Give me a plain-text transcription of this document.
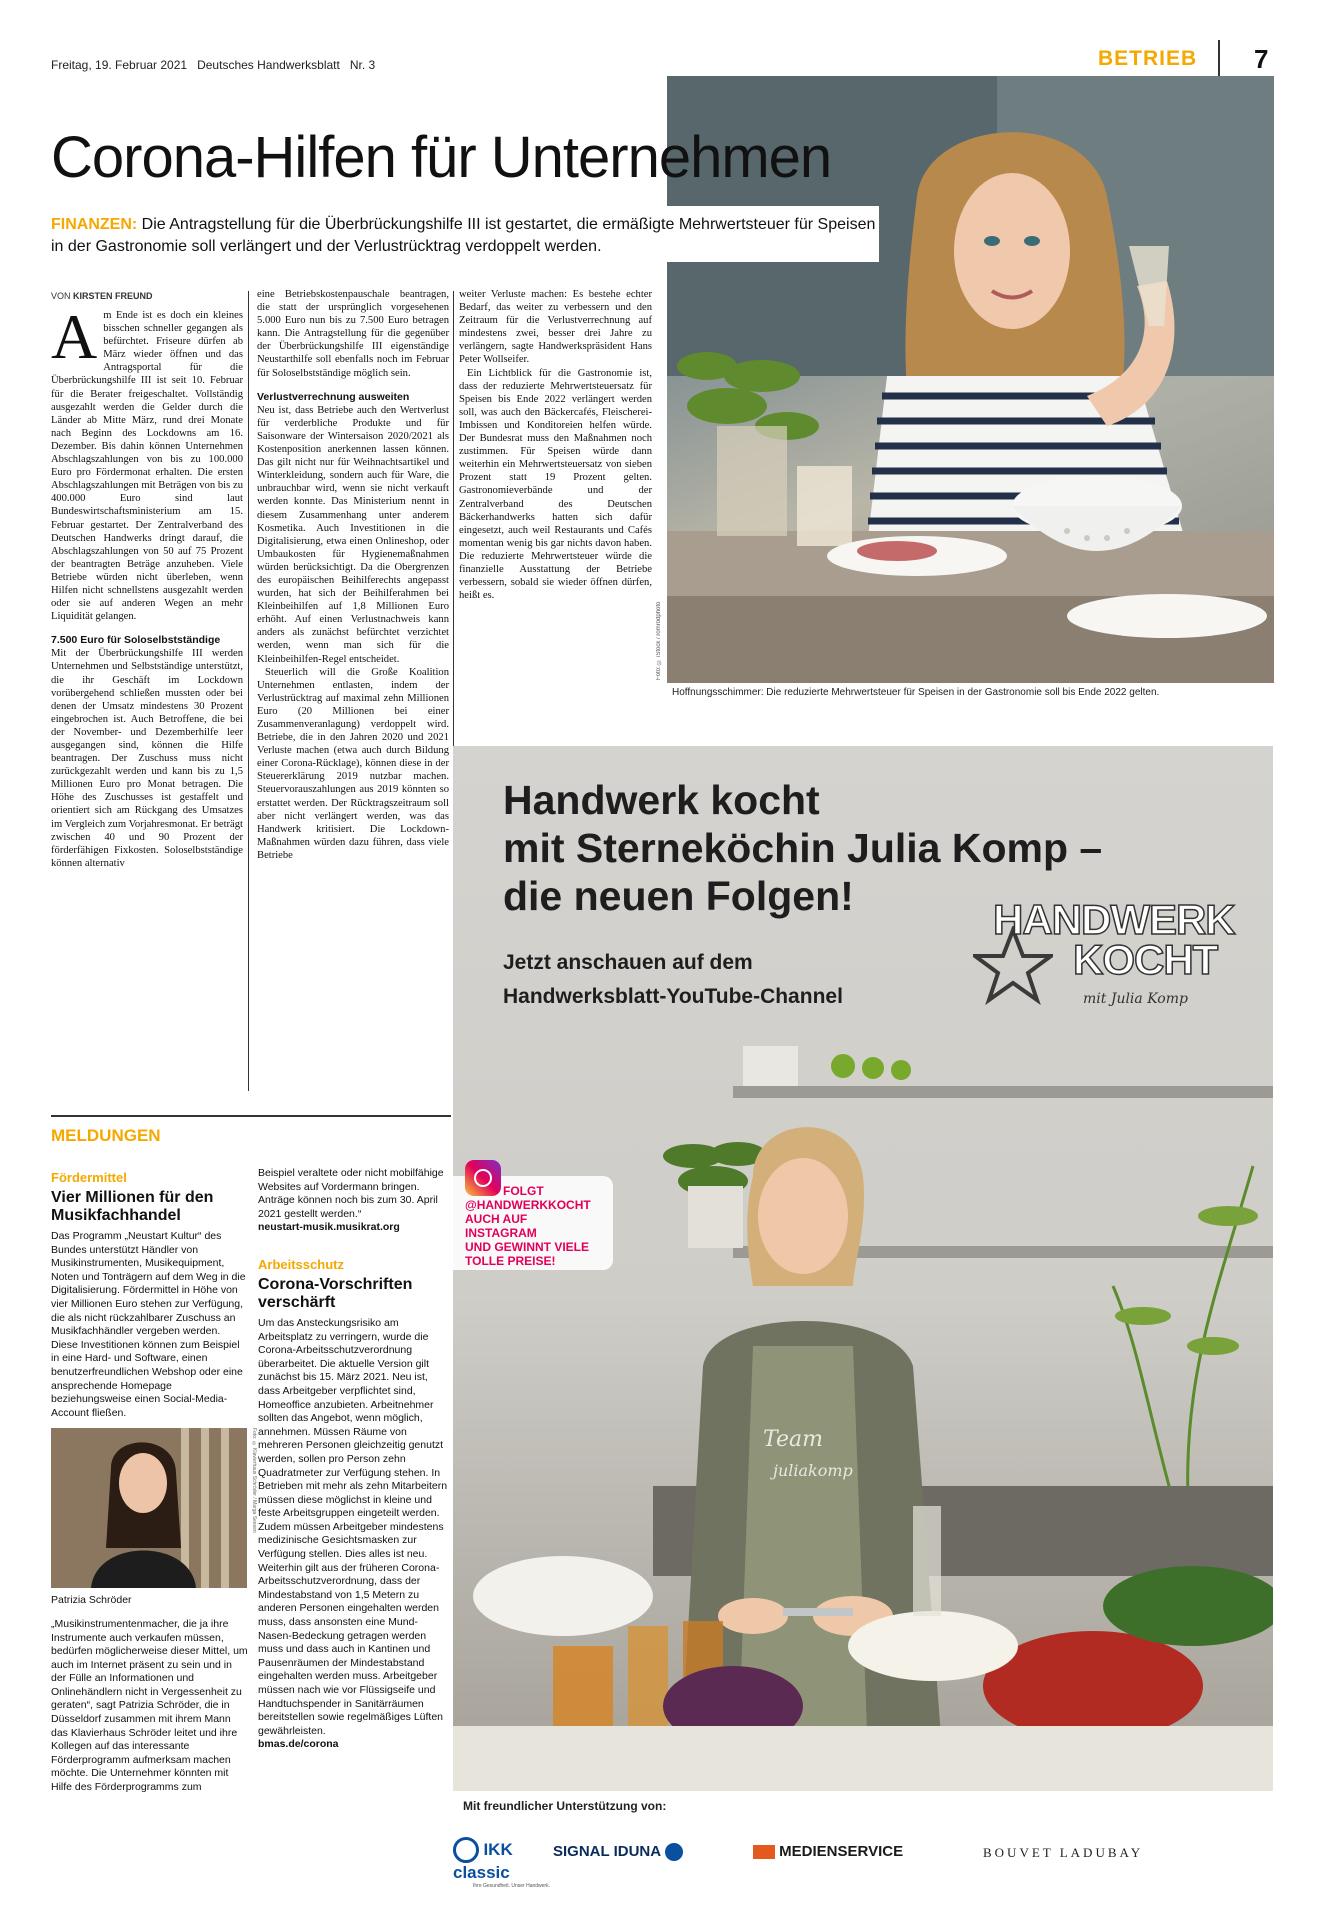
Freitag, 19. Februar 2021 Deutsches Handwerksblatt Nr. 3	BETRIEB 7
Corona-Hilfen für Unternehmen

FINANZEN: Die Antragstellung für die Überbrückungshilfe III ist gestartet, die ermäßigte Mehrwertsteuer für Speisen in der Gastronomie soll verlängert und der Verlustrücktrag verdoppelt werden.

VON KIRSTEN FREUND

Am Ende ist es doch ein kleines bisschen schneller gegangen als befürchtet. Friseure dürfen ab März wieder öffnen und das Antragsportal für die Überbrückungshilfe III ist seit 10. Februar für die Berater freigeschaltet. Vollständig ausgezahlt werden die Gelder durch die Länder ab Mitte März, rund drei Monate nach Beginn des Lockdowns am 16. Dezember. Bis dahin können Unternehmen Abschlagszahlungen von bis zu 100.000 Euro pro Fördermonat erhalten. Die ersten Abschlagszahlungen mit Beträgen von bis zu 400.000 Euro sind laut Bundeswirtschaftsministerium am 15. Februar gestartet. Der Zentralverband des Deutschen Handwerks dringt darauf, die Abschlagszahlungen von 50 auf 75 Prozent der beantragten Beträge anzuheben. Viele Betriebe würden nicht überleben, wenn Hilfen nicht schnellstens ausgezahlt werden oder sie auf anderen Wegen an mehr Liquidität gelangen.

7.500 Euro für Soloselbstständige

Mit der Überbrückungshilfe III werden Unternehmen und Selbstständige unterstützt, die ihr Geschäft im Lockdown vorübergehend schließen mussten oder bei denen der Umsatz mindestens 30 Prozent eingebrochen ist. Auch Betroffene, die bei der November- und Dezemberhilfe leer ausgegangen sind, können die Hilfe beantragen. Der Zuschuss muss nicht zurückgezahlt werden und kann bis zu 1,5 Millionen Euro pro Monat betragen. Die Höhe des Zuschusses ist gestaffelt und orientiert sich am Rückgang des Umsatzes im Vergleich zum Vorjahresmonat. Er beträgt zwischen 40 und 90 Prozent der förderfähigen Fixkosten. Soloselbstständige können alternativ

eine Betriebskostenpauschale beantragen, die statt der ursprünglich vorgesehenen 5.000 Euro nun bis zu 7.500 Euro betragen kann. Die Antragstellung für die gegenüber der Überbrückungshilfe III eigenständige Neustarthilfe soll ebenfalls noch im Februar für Soloselbstständige möglich sein.

Verlustverrechnung ausweiten

Neu ist, dass Betriebe auch den Wertverlust für verderbliche Produkte und für Saisonware der Wintersaison 2020/2021 als Kostenposition anerkennen lassen können. Das gilt nicht nur für Weihnachtsartikel und Winterkleidung, sondern auch für Ware, die unbrauchbar wird, wenn sie nicht verkauft werden konnte. Das Ministerium nennt in diesem Zusammenhang unter anderem Kosmetika. Auch Investitionen in die Digitalisierung, etwa einen Onlineshop, oder Umbaukosten für Hygienemaßnahmen würden berücksichtigt. Da die Obergrenzen des europäischen Beihilferechts angepasst wurden, hat sich der Beihilferahmen bei Kleinbeihilfen auf 1,8 Millionen Euro erhöht. Auf einen Verlustnachweis kann anders als zunächst befürchtet verzichtet werden, wenn man sich für die Kleinbeihilfen-Regel entscheidet.

Steuerlich will die Große Koalition Unternehmen entlasten, indem der Verlustrücktrag auf maximal zehn Millionen Euro (20 Millionen bei einer Zusammenveranlagung) verdoppelt wird. Betriebe, die in den Jahren 2020 und 2021 Verluste machen (etwa auch durch Bildung einer Corona-Rücklage), können diese in der Steuererklärung 2019 nutzbar machen. Steuervorauszahlungen aus 2019 könnten so erstattet werden. Der Rücktragszeitraum soll aber nicht verlängert werden, was das Handwerk kritisiert. Die Lockdown-Maßnahmen würden dazu führen, dass viele Betriebe

weiter Verluste machen: Es bestehe echter Bedarf, das weiter zu verbessern und den Zeitraum für die Verlustverrechnung auf mindestens zwei, besser drei Jahre zu verlängern, sagte Handwerkspräsident Hans Peter Wollseifer.

Ein Lichtblick für die Gastronomie ist, dass der reduzierte Mehrwertsteuersatz für Speisen bis Ende 2022 verlängert werden soll, was auch den Bäckercafés, Fleischerei-Imbissen und Konditoreien helfen würde. Der Bundesrat muss den Maßnahmen noch zustimmen. Für Speisen würde dann weiterhin ein Mehrwertsteuersatz von sieben Prozent statt 19 Prozent gelten. Gastronomieverbände und der Zentralverband des Deutschen Bäckerhandwerks hatten sich dafür eingesetzt, auch weil Restaurants und Cafés momentan wenig bis gar nichts davon haben. Die reduzierte Mehrwertsteuer würde die finanzielle Ausstattung der Betriebe verbessern, sobald sie wieder öffnen dürfen, heißt es.

Foto: © iStock / romrodphoto
Hoffnungsschimmer: Die reduzierte Mehrwertsteuer für Speisen in der Gastronomie soll bis Ende 2022 gelten.
MELDUNGEN
Fördermittel
Vier Millionen für den Musikfachhandel
Das Programm „Neustart Kultur“ des Bundes unterstützt Händler von Musikinstrumenten, Musikequipment, Noten und Tonträgern auf dem Weg in die Digitalisierung. Fördermittel in Höhe von vier Millionen Euro stehen zur Verfügung, die als nicht rückzahlbarer Zuschuss an Musikfachhändler vergeben werden. Diese Investitionen können zum Beispiel in eine Hard- und Software, einen benutzerfreundlichen Webshop oder eine ansprechende Homepage beziehungsweise einen Social-Media-Account fließen.
Foto: © Klavierhaus Schröder / Marga Seesen
Patrizia Schröder
„Musikinstrumentenmacher, die ja ihre Instrumente auch verkaufen müssen, bedürfen möglicherweise dieser Mittel, um auch im Internet präsent zu sein und in der Fülle an Informationen und Onlinehändlern nicht in Vergessenheit zu geraten“, sagt Patrizia Schröder, die in Düsseldorf zusammen mit ihrem Mann das Klavierhaus Schröder leitet und ihre Kollegen auf das interessante Förderprogramm aufmerksam machen möchte. Die Unternehmer könnten mit Hilfe des Förderprogramms zum
Beispiel veraltete oder nicht mobilfähige Websites auf Vordermann bringen. Anträge können noch bis zum 30. April 2021 gestellt werden.“
neustart-musik.musikrat.org
Arbeitsschutz
Corona-Vorschriften verschärft
Um das Ansteckungsrisiko am Arbeitsplatz zu verringern, wurde die Corona-Arbeitsschutzverordnung überarbeitet. Die aktuelle Version gilt zunächst bis 15. März 2021. Neu ist, dass Arbeitgeber verpflichtet sind, Homeoffice anzubieten. Arbeitnehmer sollten das Angebot, wenn möglich, annehmen. Müssen Räume von mehreren Personen gleichzeitig genutzt werden, sollen pro Person zehn Quadratmeter zur Verfügung stehen. In Betrieben mit mehr als zehn Mitarbeitern müssen diese möglichst in kleine und feste Arbeitsgruppen eingeteilt werden. Zudem müssen Arbeitgeber mindestens medizinische Gesichtsmasken zur Verfügung stellen. Dies alles ist neu. Weiterhin gilt aus der früheren Corona-Arbeitsschutzverordnung, dass der Mindestabstand von 1,5 Metern zu anderen Personen eingehalten werden muss, dass ansonsten eine Mund-Nasen-Bedeckung getragen werden muss und dass auch in Kantinen und Pausenräumen der Mindestabstand eingehalten werden muss. Arbeitgeber müssen nach wie vor Flüssigseife und Handtuchspender in Sanitärräumen bereitstellen sowie regelmäßiges Lüften gewährleisten.
bmas.de/corona
Team
juliakomp
Handwerk kocht
mit Sterneköchin Julia Komp –
die neuen Folgen!
Jetzt anschauen auf dem
Handwerksblatt-YouTube-Channel
HANDWERK
KOCHT
mit Julia Komp
FOLGT
@HANDWERKKOCHT
AUCH AUF INSTAGRAM
UND GEWINNT VIELE
TOLLE PREISE!
Mit freundlicher Unterstützung von:
IKK classic
Ihre Gesundheit. Unser Handwerk.
SIGNAL IDUNA	MEDIENSERVICE	BOUVET LADUBAY
